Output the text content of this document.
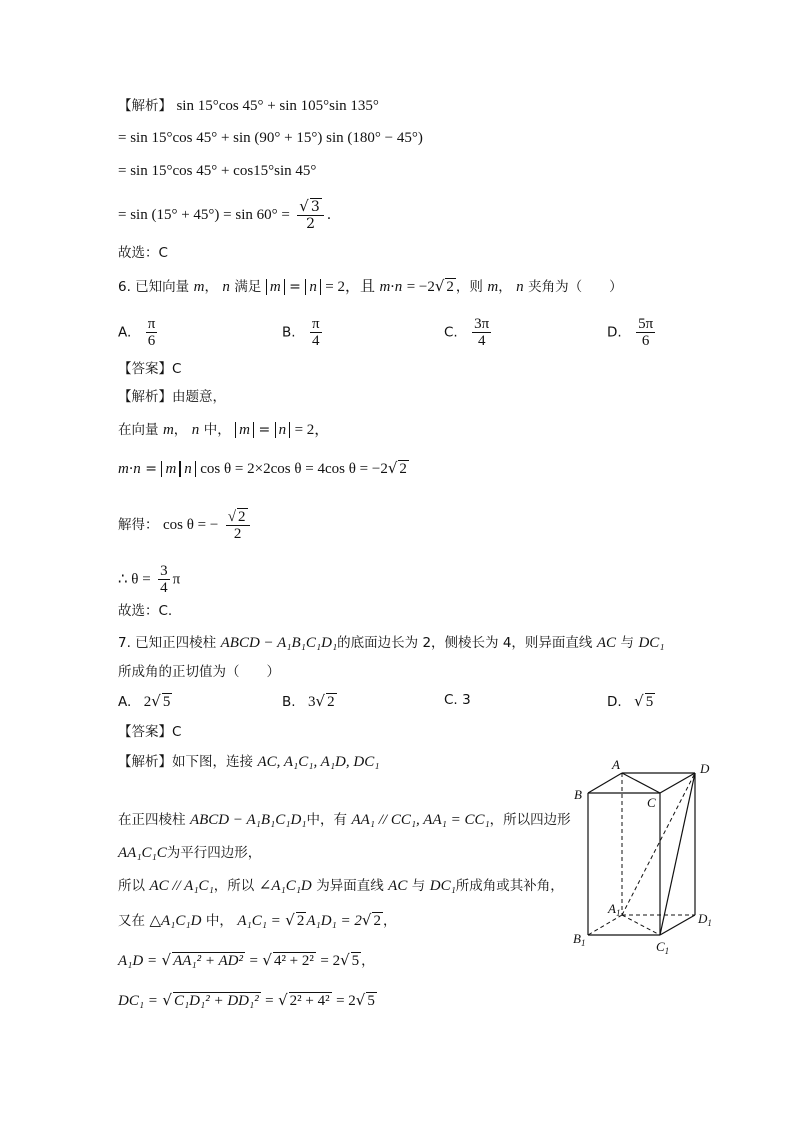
【解析】 sin 15°cos 45° + sin 105°sin 135°
= sin 15°cos 45° + sin (90° + 15°) sin (180° − 45°)
= sin 15°cos 45° + cos15°sin 45°
= $\sin (15^\circ + 45^\circ) = \sin 60^\circ = \frac{√ 3}{2}$ .
故选：C
6. 已知向量 m， n 满足 m = n = 2，且 m·n = −2√ 2 ，则 m， n 夹角为（　　）
A. $\frac{\pi}{6}$	B. $\frac{\pi}{4}$	C. $\frac{3\pi}{4}$	D. $\frac{5\pi}{6}$
【答案】C
【解析】由题意，
在向量 m， n 中， m = n = 2，
m·n = m n cos θ = 2×2cos θ = 4cos θ = −2√ 2
解得： cos θ = − $\frac{√ 2}{2}$
∴ $\theta = \frac{3}{4}$ π
故选：C.
7. 已知正四棱柱 ABCD − A₁B₁C₁D₁的底面边长为 2，侧棱长为 4，则异面直线 AC 与 DC₁
所成角的正切值为（　　）
A. 2√ 5	B. 3√ 2	C. 3	D. √ 5
【答案】C
【解析】如下图，连接 AC, A₁C₁, A₁D, DC₁
在正四棱柱 ABCD − A₁B₁C₁D₁中，有 AA₁ // CC₁, AA₁ = CC₁，所以四边形
AA₁C₁C为平行四边形，
所以 AC // A₁C₁，所以 ∠A₁C₁D 为异面直线 AC 与 DC₁所成角或其补角，
又在 △A₁C₁D 中， A₁C₁ = √ 2 A₁D₁ = 2√ 2 ，
A₁D = √ AA₁² + AD² = √ 4² + 2² = 2√ 5 ，
DC₁ = √ C₁D₁² + DD₁² = √ 2² + 4² = 2√ 5
A
B
C
D
$A_1$
$B_1$	$C_1$
$D_1$
